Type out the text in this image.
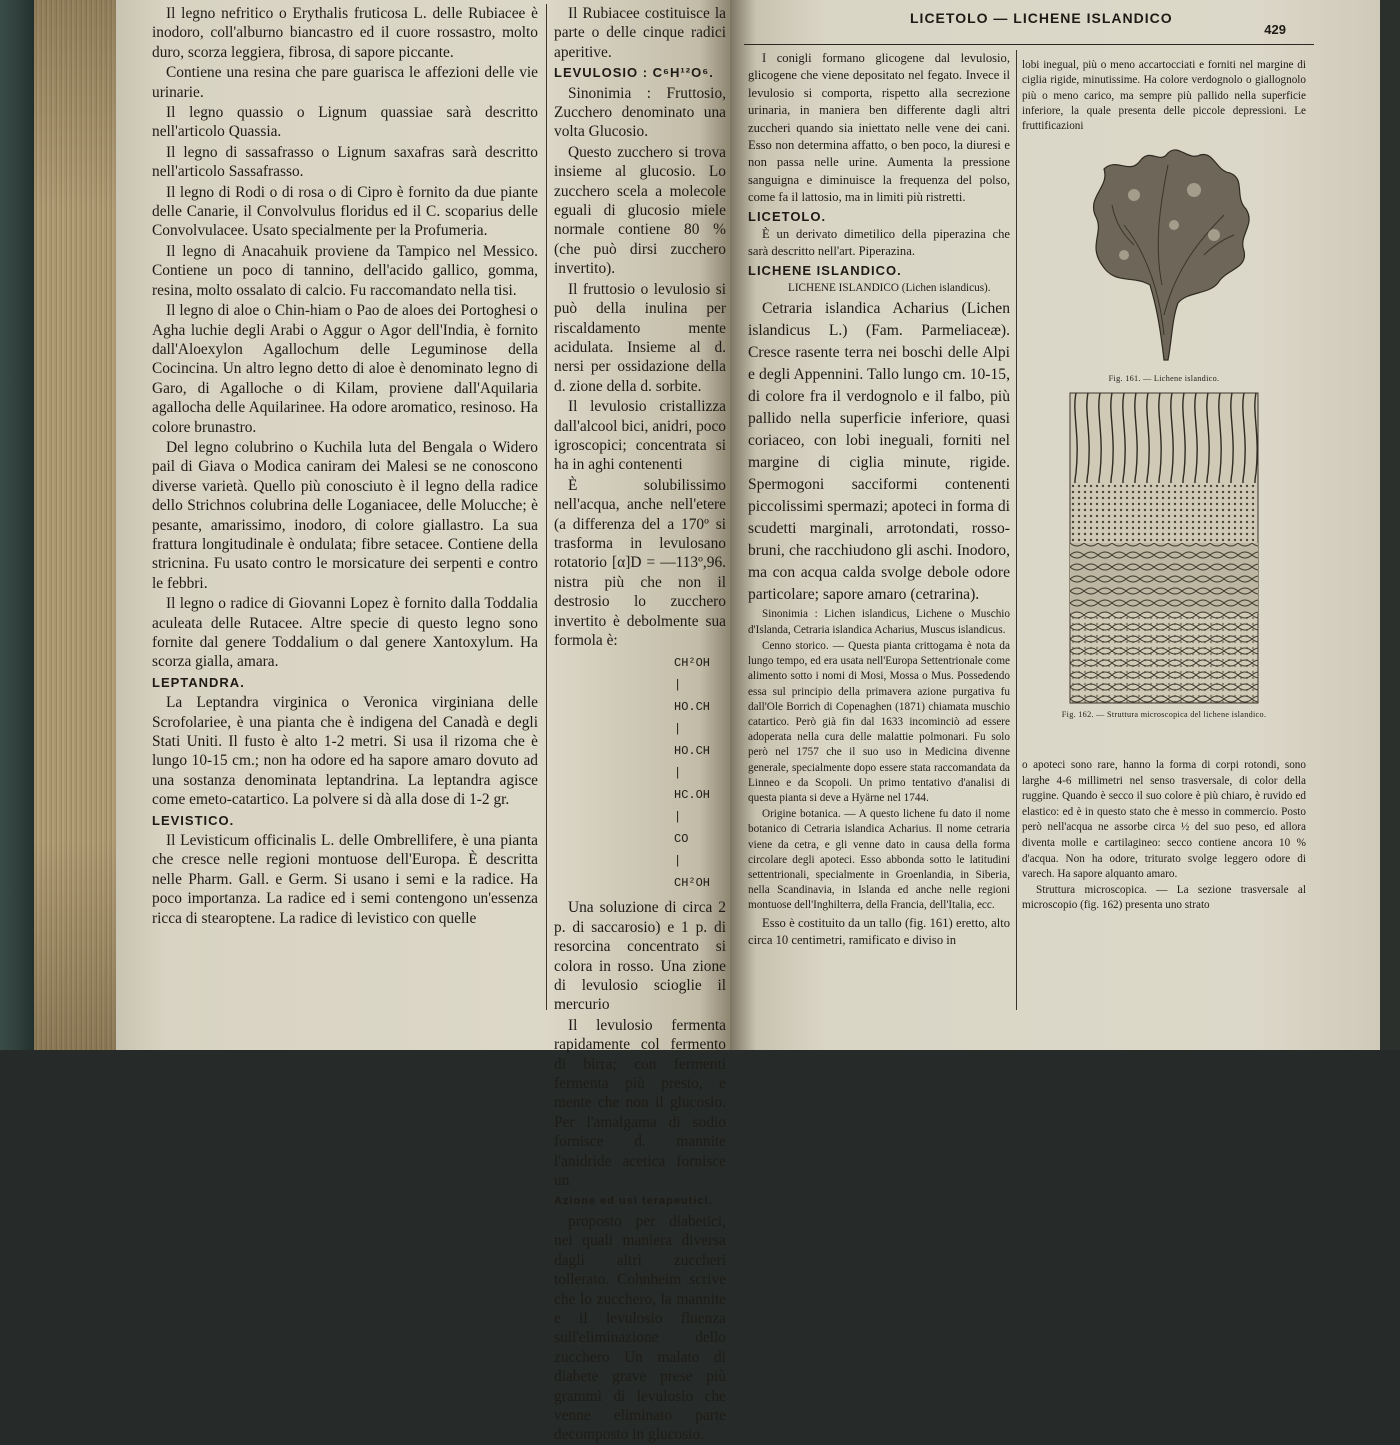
Il legno nefritico o Erythalis fruticosa L. delle Rubiacee è inodoro, coll'alburno biancastro ed il cuore rossastro, molto duro, scorza leggiera, fibrosa, di sapore piccante.

Contiene una resina che pare guarisca le affezioni delle vie urinarie.

Il legno quassio o Lignum quassiae sarà descritto nell'articolo Quassia.

Il legno di sassafrasso o Lignum saxafras sarà descritto nell'articolo Sassafrasso.

Il legno di Rodi o di rosa o di Cipro è fornito da due piante delle Canarie, il Convolvulus floridus ed il C. scoparius delle Convolvulacee. Usato specialmente per la Profumeria.

Il legno di Anacahuik proviene da Tampico nel Messico. Contiene un poco di tannino, dell'acido gallico, gomma, resina, molto ossalato di calcio. Fu raccomandato nella tisi.

Il legno di aloe o Chin-hiam o Pao de aloes dei Portoghesi o Agha luchie degli Arabi o Aggur o Agor dell'India, è fornito dall'Aloexylon Agallochum delle Leguminose della Cocincina. Un altro legno detto di aloe è denominato legno di Garo, di Agalloche o di Kilam, proviene dall'Aquilaria agallocha delle Aquilarinee. Ha odore aromatico, resinoso. Ha colore brunastro.

Del legno colubrino o Kuchila luta del Bengala o Widero pail di Giava o Modica caniram dei Malesi se ne conoscono diverse varietà. Quello più conosciuto è il legno della radice dello Strichnos colubrina delle Loganiacee, delle Molucche; è pesante, amarissimo, inodoro, di colore giallastro. La sua frattura longitudinale è ondulata; fibre setacee. Contiene della stricnina. Fu usato contro le morsicature dei serpenti e contro le febbri.

Il legno o radice di Giovanni Lopez è fornito dalla Toddalia aculeata delle Rutacee. Altre specie di questo legno sono fornite dal genere Toddalium o dal genere Xantoxylum. Ha scorza gialla, amara.

LEPTANDRA.

La Leptandra virginica o Veronica virginiana delle Scrofolariee, è una pianta che è indigena del Canadà e degli Stati Uniti. Il fusto è alto 1-2 metri. Si usa il rizoma che è lungo 10-15 cm.; non ha odore ed ha sapore amaro dovuto ad una sostanza denominata leptandrina. La leptandra agisce come emeto-catartico. La polvere si dà alla dose di 1-2 gr.

LEVISTICO.

Il Levisticum officinalis L. delle Ombrellifere, è una pianta che cresce nelle regioni montuose dell'Europa. È descritta nelle Pharm. Gall. e Germ. Si usano i semi e la radice. Ha poco importanza. La radice ed i semi contengono un'essenza ricca di stearoptene. La radice di levistico con quelle

Il Rubiacee costituisce la parte o delle cinque radici aperitive.

LEVULOSIO : C⁶H¹²O⁶.

Sinonimia : Fruttosio, Zucchero denominato una volta Glucosio.

Questo zucchero si trova insieme al glucosio. Lo zucchero scela a molecole eguali di glucosio miele normale contiene 80 % (che può dirsi zucchero invertito).

Il fruttosio o levulosio si può della inulina per riscaldamento mente acidulata. Insieme al d. nersi per ossidazione della d. zione della d. sorbite.

Il levulosio cristallizza dall'alcool bici, anidri, poco igroscopici; concentrata si ha in aghi contenenti

È solubilissimo nell'acqua, anche nell'etere (a differenza del a 170º si trasforma in levulosano rotatorio [α]D = —113º,96. nistra più che non il destrosio lo zucchero invertito è debolmente sua formola è:

CH²OH
|
HO.CH
|
HO.CH
|
HC.OH
|
CO
|
CH²OH

Una soluzione di circa 2 p. di saccarosio) e 1 p. di resorcina concentrato si colora in rosso. Una zione di levulosio scioglie il mercurio

Il levulosio fermenta rapidamente col fermento di birra; con fermenti fermenta più presto, e mente che non il glucosio. Per l'amalgama di sodio fornisce d. mannite l'anidride acetica fornisce un

Azione ed usi terapeutici.

proposto per diabetici, nei quali maniera diversa dagli altri zuccheri tollerato. Cohnheim scrive che lo zucchero, la mannite e il levulosio fluenza sull'eliminazione dello zucchero Un malato di diabete grave prese più grammi di levulosio che venne eliminato parte decomposto in glucosio.

LICETOLO — LICHENE ISLANDICO
429

I conigli formano glicogene dal levulosio, glicogene che viene depositato nel fegato. Invece il levulosio si comporta, rispetto alla secrezione urinaria, in maniera ben differente dagli altri zuccheri quando sia iniettato nelle vene dei cani. Esso non determina affatto, o ben poco, la diuresi e non passa nelle urine. Aumenta la pressione sanguigna e diminuisce la frequenza del polso, come fa il lattosio, ma in limiti più ristretti.

LICETOLO.

È un derivato dimetilico della piperazina che sarà descritto nell'art. Piperazina.

LICHENE ISLANDICO.

LICHENE ISLANDICO (Lichen islandicus).

Cetraria islandica Acharius (Lichen islandicus L.) (Fam. Parmeliaceæ). Cresce rasente terra nei boschi delle Alpi e degli Appennini. Tallo lungo cm. 10-15, di colore fra il verdognolo e il falbo, più pallido nella superficie inferiore, quasi coriaceo, con lobi ineguali, forniti nel margine di ciglia minute, rigide. Spermogoni sacciformi contenenti piccolissimi spermazi; apoteci in forma di scudetti marginali, arrotondati, rosso-bruni, che racchiudono gli aschi. Inodoro, ma con acqua calda svolge debole odore particolare; sapore amaro (cetrarina).

Sinonimia : Lichen islandicus, Lichene o Muschio d'Islanda, Cetraria islandica Acharius, Muscus islandicus.

Cenno storico. — Questa pianta crittogama è nota da lungo tempo, ed era usata nell'Europa Settentrionale come alimento sotto i nomi di Mosi, Mossa o Mus. Possedendo essa sul principio della primavera azione purgativa fu dall'Ole Borrich di Copenaghen (1871) chiamata muschio catartico. Però già fin dal 1633 incominciò ad essere adoperata nella cura delle malattie polmonari. Fu solo però nel 1757 che il suo uso in Medicina divenne generale, specialmente dopo essere stata raccomandata da Linneo e da Scopoli. Un primo tentativo d'analisi di questa pianta si deve a Hyärne nel 1744.

Origine botanica. — A questo lichene fu dato il nome botanico di Cetraria islandica Acharius. Il nome cetraria viene da cetra, e gli venne dato in causa della forma circolare degli apoteci. Esso abbonda sotto le latitudini settentrionali, specialmente in Groenlandia, in Siberia, nella Scandinavia, in Islanda ed anche nelle regioni montuose dell'Inghilterra, della Francia, dell'Italia, ecc.

Esso è costituito da un tallo (fig. 161) eretto, alto circa 10 centimetri, ramificato e diviso in

lobi inegual, più o meno accartocciati e forniti nel margine di ciglia rigide, minutissime. Ha colore verdognolo o giallognolo più o meno carico, ma sempre più pallido nella superficie inferiore, la quale presenta delle piccole depressioni. Le fruttificazioni

Fig. 161. — Lichene islandico.
Fig. 162. — Struttura microscopica del lichene islandico.

o apoteci sono rare, hanno la forma di corpi rotondi, sono larghe 4-6 millimetri nel senso trasversale, di color della ruggine. Quando è secco il suo colore è più chiaro, è ruvido ed elastico: ed è in questo stato che è messo in commercio. Posto però nell'acqua ne assorbe circa ½ del suo peso, ed allora diventa molle e cartilagineo: secco contiene ancora 10 % d'acqua. Non ha odore, triturato svolge leggero odore di varech. Ha sapore alquanto amaro.

Struttura microscopica. — La sezione trasversale al microscopio (fig. 162) presenta uno strato
